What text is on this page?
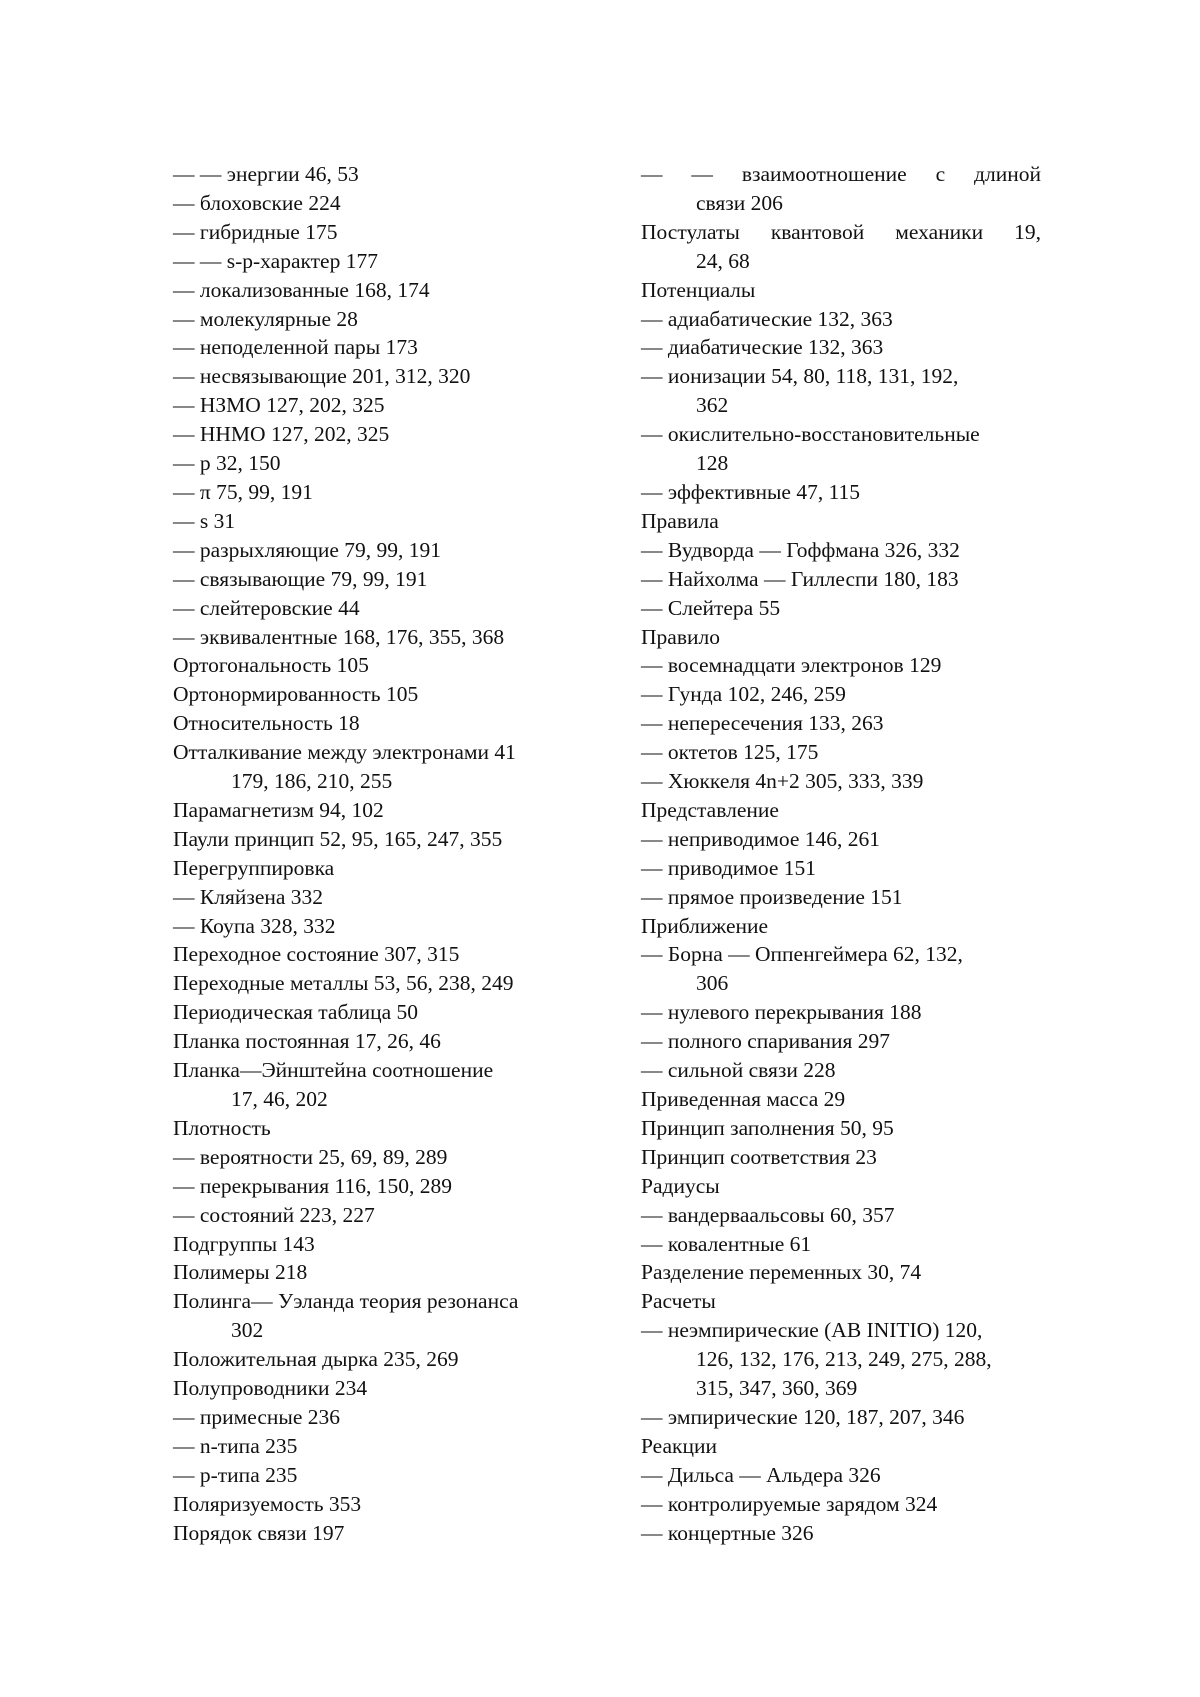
— — энергии 46, 53
— блоховские 224
— гибридные 175
— — s-p-характер 177
— локализованные 168, 174
— молекулярные 28
— неподеленной пары 173
— несвязывающие 201, 312, 320
— НЗМО 127, 202, 325
— ННМО 127, 202, 325
— p 32, 150
— π 75, 99, 191
— s 31
— разрыхляющие 79, 99, 191
— связывающие 79, 99, 191
— слейтеровские 44
— эквивалентные 168, 176, 355, 368
Ортогональность 105
Ортонормированность 105
Относительность 18
Отталкивание между электронами 41
179, 186, 210, 255
Парамагнетизм 94, 102
Паули принцип 52, 95, 165, 247, 355
Перегруппировка
— Кляйзена 332
— Коупа 328, 332
Переходное состояние 307, 315
Переходные металлы 53, 56, 238, 249
Периодическая таблица 50
Планка постоянная 17, 26, 46
Планка—Эйнштейна соотношение
17, 46, 202
Плотность
— вероятности 25, 69, 89, 289
— перекрывания 116, 150, 289
— состояний 223, 227
Подгруппы 143
Полимеры 218
Полинга— Уэланда теория резонанса
302
Положительная дырка 235, 269
Полупроводники 234
— примесные 236
— n-типа 235
— p-типа 235
Поляризуемость 353
Порядок связи 197
— — взаимоотношение с длиной
связи 206
Постулаты квантовой механики 19,
24, 68
Потенциалы
— адиабатические 132, 363
— диабатические 132, 363
— ионизации 54, 80, 118, 131, 192,
362
— окислительно-восстановительные
128
— эффективные 47, 115
Правила
— Вудворда — Гоффмана 326, 332
— Найхолма — Гиллеспи 180, 183
— Слейтера 55
Правило
— восемнадцати электронов 129
— Гунда 102, 246, 259
— непересечения 133, 263
— октетов 125, 175
— Хюккеля 4n+2 305, 333, 339
Представление
— неприводимое 146, 261
— приводимое 151
— прямое произведение 151
Приближение
— Борна — Оппенгеймера 62, 132,
306
— нулевого перекрывания 188
— полного спаривания 297
— сильной связи 228
Приведенная масса 29
Принцип заполнения 50, 95
Принцип соответствия 23
Радиусы
— вандерваальсовы 60, 357
— ковалентные 61
Разделение переменных 30, 74
Расчеты
— неэмпирические (AB INITIO) 120,
126, 132, 176, 213, 249, 275, 288,
315, 347, 360, 369
— эмпирические 120, 187, 207, 346
Реакции
— Дильса — Альдера 326
— контролируемые зарядом 324
— концертные 326
